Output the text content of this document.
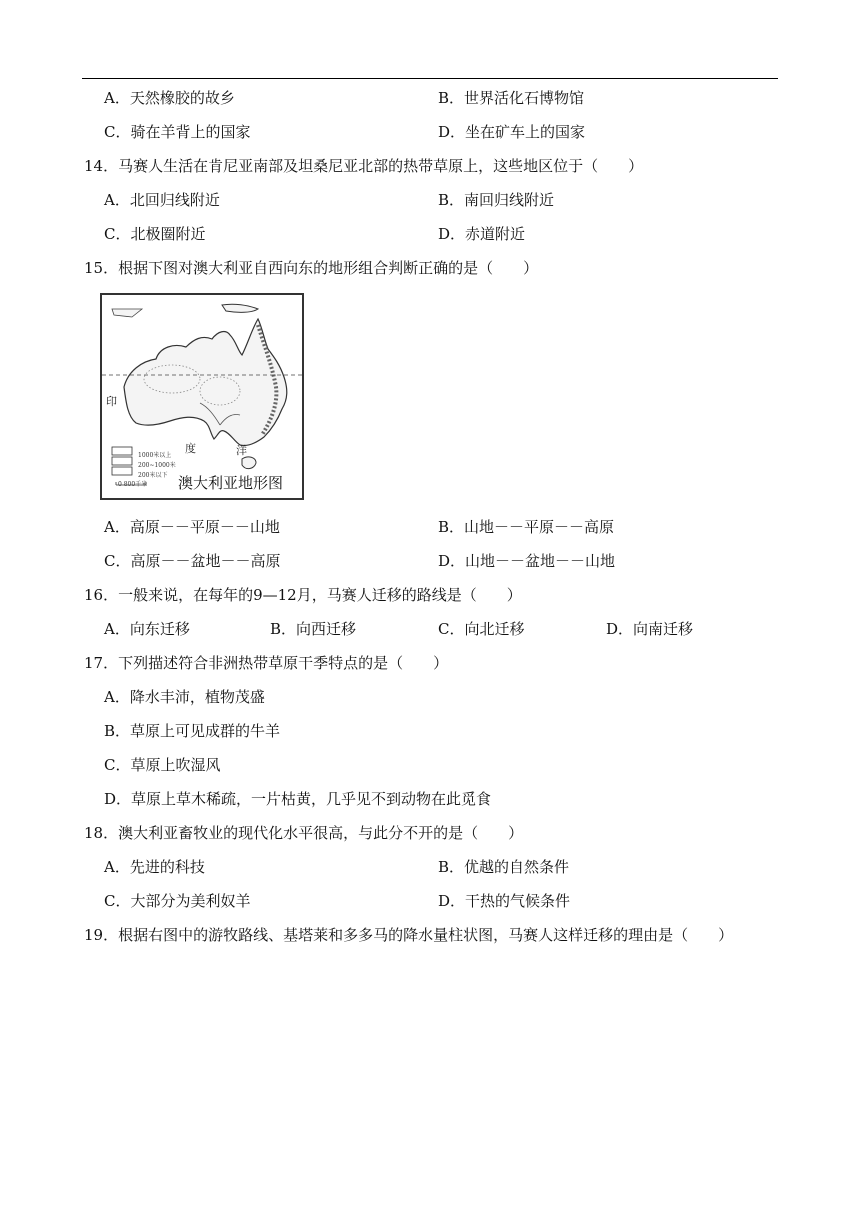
A．天然橡胶的故乡	B．世界活化石博物馆
C．骑在羊背上的国家	D．坐在矿车上的国家
14．马赛人生活在肯尼亚南部及坦桑尼亚北部的热带草原上，这些地区位于（　　）
A．北回归线附近	B．南回归线附近
C．北极圈附近	D．赤道附近
15．根据下图对澳大利亚自西向东的地形组合判断正确的是（　　）
印
度	洋
1000米以上
200~1000米
200米以下
0 800千米 澳大利亚地形图
A．高原－－平原－－山地	B．山地－－平原－－高原
C．高原－－盆地－－高原	D．山地－－盆地－－山地
16．一般来说，在每年的9—12月，马赛人迁移的路线是（　　）
A．向东迁移	B．向西迁移	C．向北迁移	D．向南迁移
17．下列描述符合非洲热带草原干季特点的是（　　）
A．降水丰沛，植物茂盛
B．草原上可见成群的牛羊
C．草原上吹湿风
D．草原上草木稀疏，一片枯黄，几乎见不到动物在此觅食
18．澳大利亚畜牧业的现代化水平很高，与此分不开的是（　　）
A．先进的科技	B．优越的自然条件
C．大部分为美利奴羊	D．干热的气候条件
19．根据右图中的游牧路线、基塔莱和多多马的降水量柱状图，马赛人这样迁移的理由是（　　）
